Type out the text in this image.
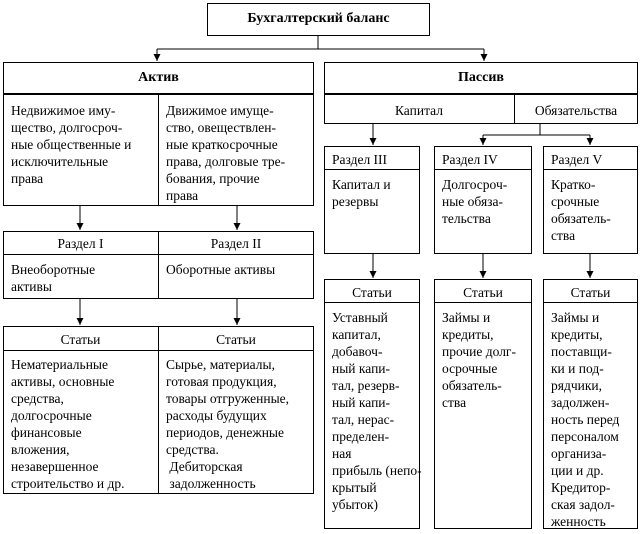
Бухгалтерский баланс
Актив
Недвижимое иму-
щество, долгосроч-
ные общественные и
исключительные
права
Движимое имуще-
ство, овеществлен-
ные краткосрочные
права, долговые тре-
бования, прочие
права
Раздел I	Раздел II
Внеоборотные
активы
Оборотные активы
Статьи	Статьи
Нематериальные
активы, основные
средства,
долгосрочные
финансовые
вложения,
незавершенное
строительство и др.
Сырье, материалы,
готовая продукция,
товары отгруженные,
расходы будущих
периодов, денежные
средства.
Дебиторская
задолженность
Пассив
Капитал	Обязательства
Раздел III
Капитал и
резервы
Раздел IV
Долгосроч-
ные обяза-
тельства
Раздел V
Кратко-
срочные
обязатель-
ства
Статьи
Уставный
капитал,
добавоч-
ный капи-
тал, резерв-
ный капи-
тал, нерас-
пределен-
ная
прибыль (непо-
крытый
убыток)
Статьи
Займы и
кредиты,
прочие долг-
осрочные
обязатель-
ства
Статьи
Займы и
кредиты,
поставщи-
ки и под-
рядчики,
задолжен-
ность перед
персоналом
организа-
ции и др.
Кредитор-
ская задол-
женность
